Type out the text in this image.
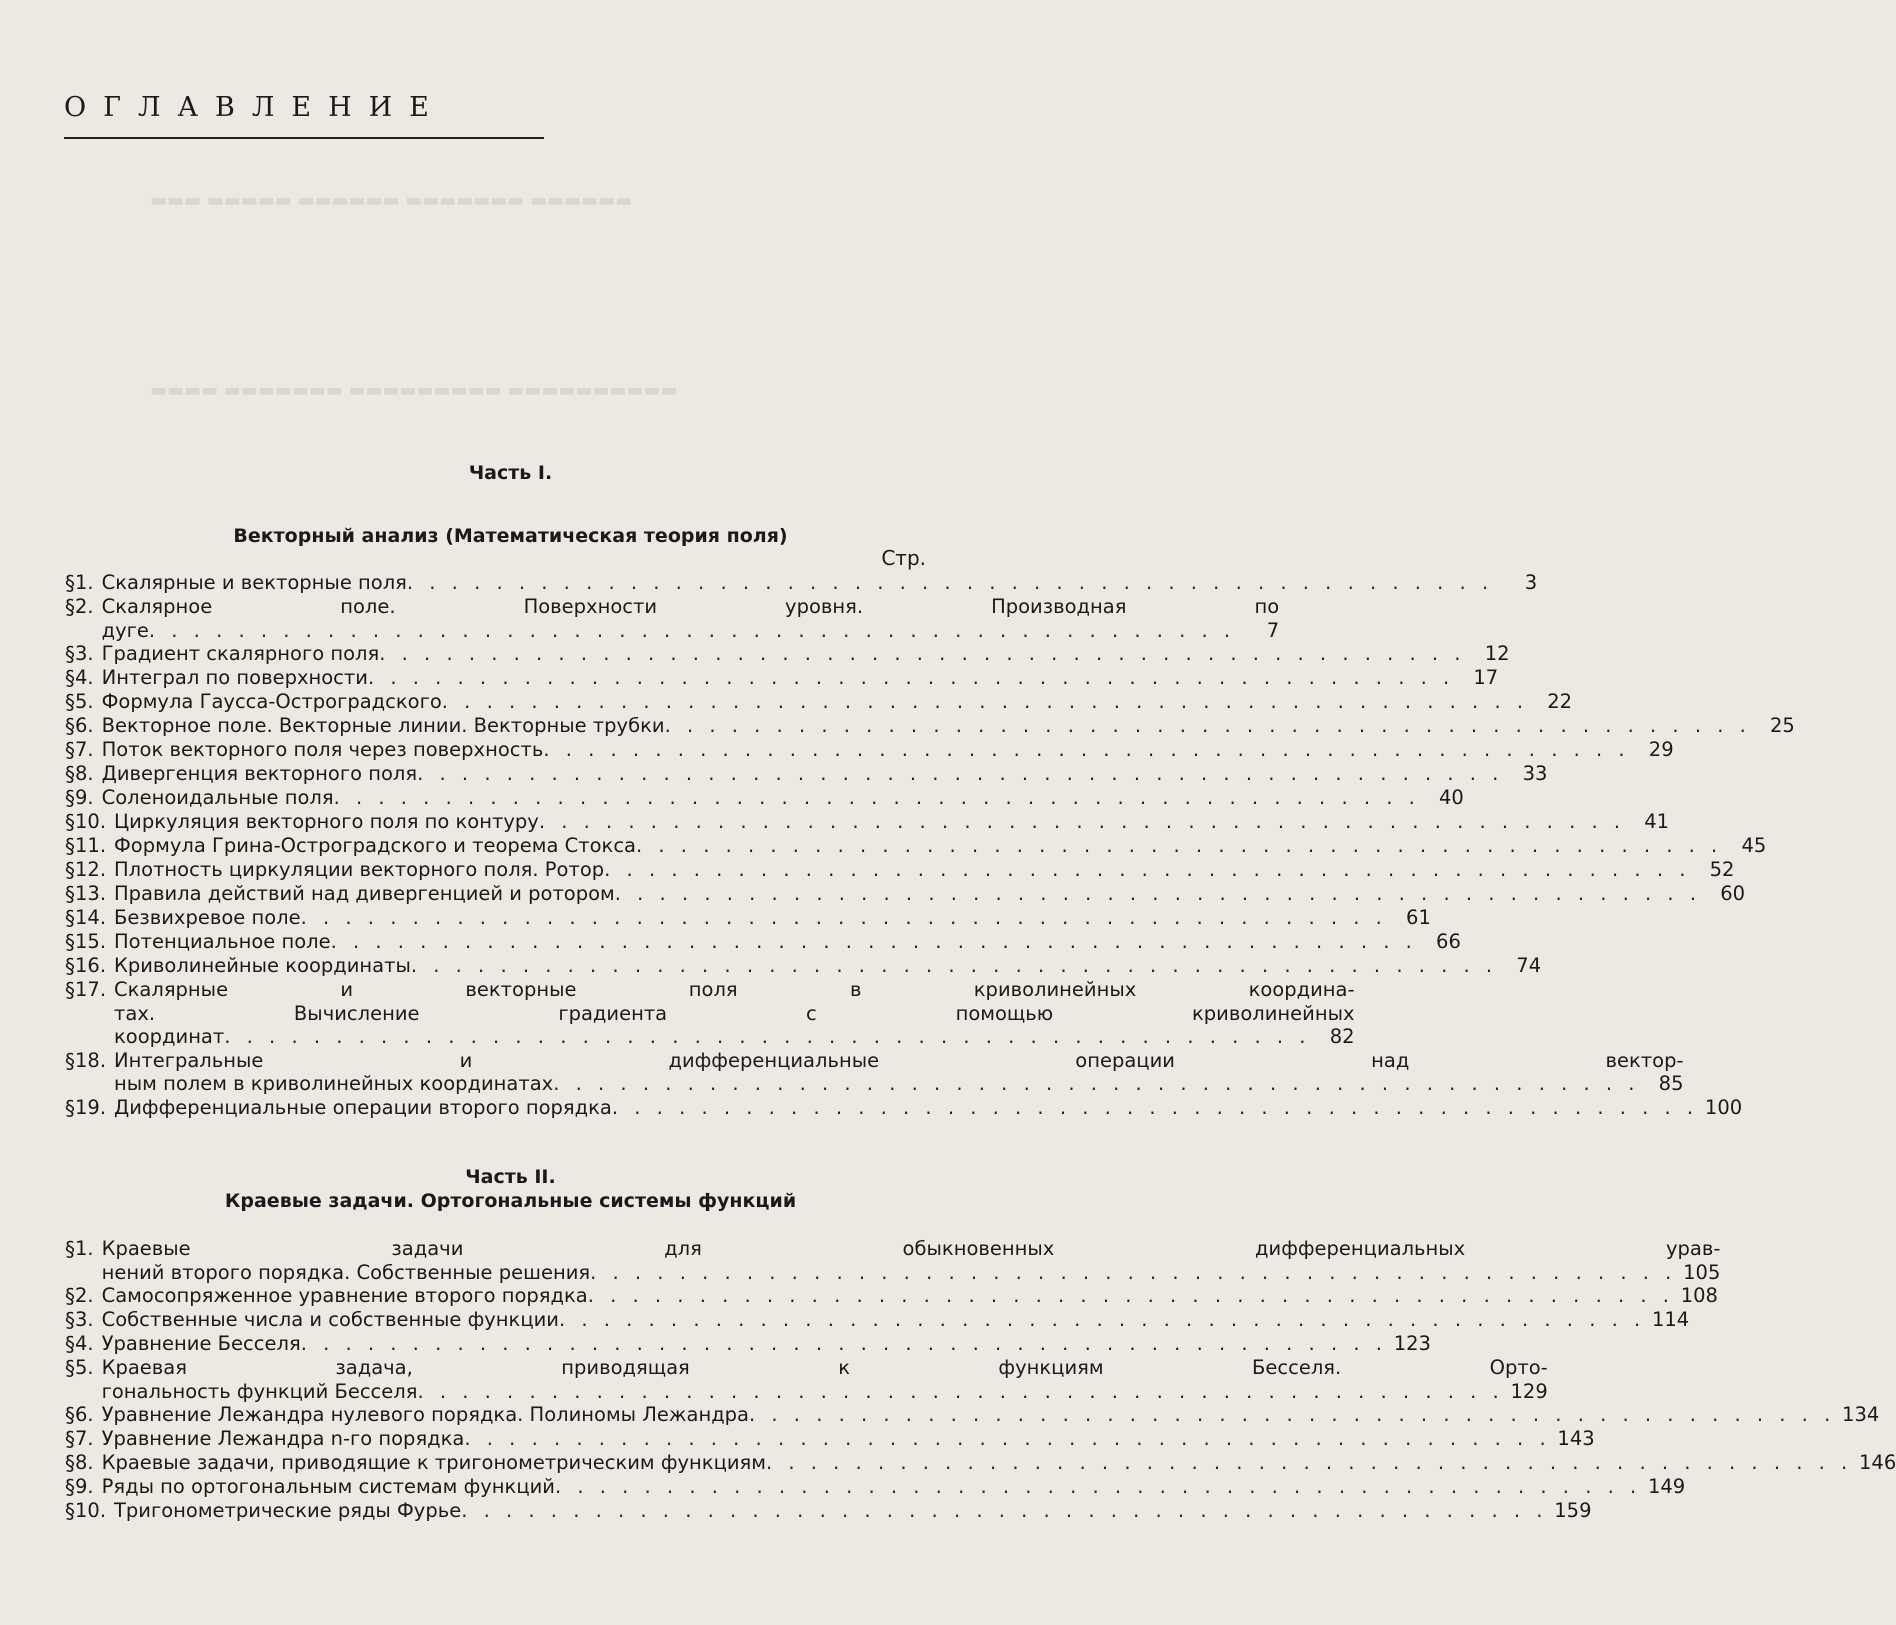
▬▬▬ ▬▬▬▬▬ ▬▬▬▬▬▬ ▬▬▬▬▬▬▬ ▬▬▬▬▬▬
▬▬▬▬ ▬▬▬▬▬▬▬ ▬▬▬▬▬▬▬▬▬ ▬▬▬▬▬▬▬▬▬▬
ОГЛАВЛЕНИЕ
Часть I.
Векторный анализ (Математическая теория поля)
Стр.
§ 1. Скалярные и векторные поля . . .	3
§ 2. Скалярное поле. Поверхности уровня. Производная по
дуге . . .	7
§ 3. Градиент скалярного поля . . .	12
§ 4. Интеграл по поверхности . . .	17
§ 5. Формула Гаусса-Остроградского . . .	22
§ 6. Векторное поле. Векторные линии. Векторные трубки . . .	25
§ 7. Поток векторного поля через поверхность . . .	29
§ 8. Дивергенция векторного поля . . .	33
§ 9. Соленоидальные поля . . .	40
§ 10. Циркуляция векторного поля по контуру . . .	41
§ 11. Формула Грина-Остроградского и теорема Стокса . . .	45
§ 12. Плотность циркуляции векторного поля. Ротор . . .	52
§ 13. Правила действий над дивергенцией и ротором . . .	60
§ 14. Безвихревое поле . . .	61
§ 15. Потенциальное поле . . .	66
§ 16. Криволинейные координаты . . .	74
§ 17. Скалярные и векторные поля в криволинейных координа-
тах. Вычисление градиента с помощью криволинейных
координат . . .	82
§ 18. Интегральные и дифференциальные операции над вектор-
ным полем в криволинейных координатах . . .	85
§ 19. Дифференциальные операции второго порядка . . .	100
Часть II.
Краевые задачи. Ортогональные системы функций
§ 1. Краевые задачи для обыкновенных дифференциальных урав-
нений второго порядка. Собственные решения . . .	105
§ 2. Самосопряженное уравнение второго порядка . . .	108
§ 3. Собственные числа и собственные функции . . .	114
§ 4. Уравнение Бесселя . . .	123
§ 5. Краевая задача, приводящая к функциям Бесселя. Орто-
гональность функций Бесселя . . .	129
§ 6. Уравнение Лежандра нулевого порядка. Полиномы Лежандра . . .	134
§ 7. Уравнение Лежандра n-го порядка . . .	143
§ 8. Краевые задачи, приводящие к тригонометрическим функциям . . .	146
§ 9. Ряды по ортогональным системам функций . . .	149
§ 10. Тригонометрические ряды Фурье . . .	159
